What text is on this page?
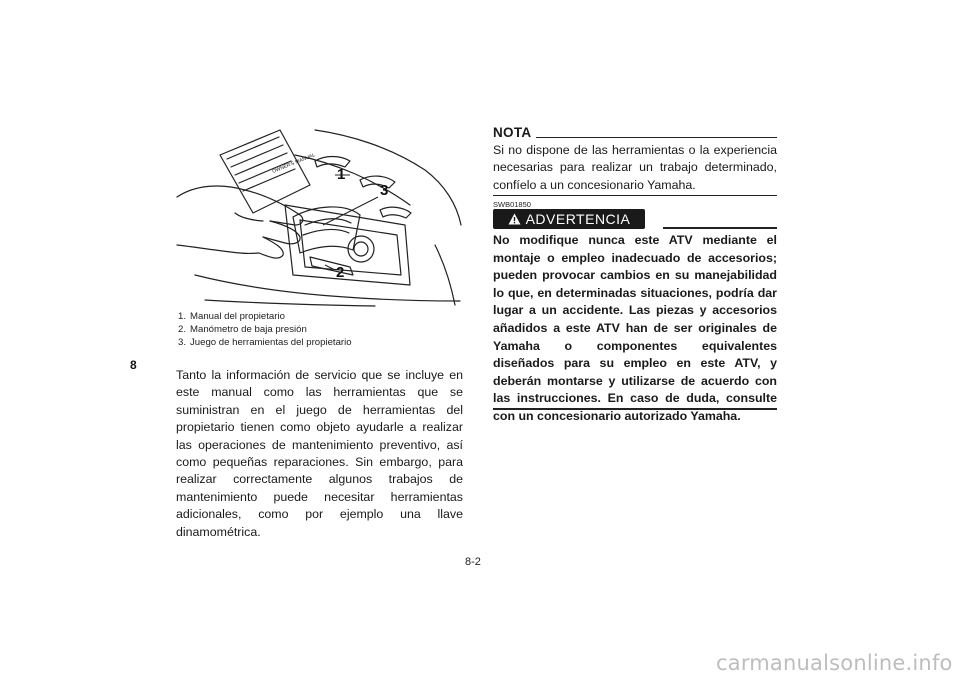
8
OWNER'S MANUAL 1
3
2
1. Manual del propietario
2. Manómetro de baja presión
3. Juego de herramientas del propietario
Tanto la información de servicio que se incluye en este manual como las herramientas que se suministran en el juego de herramientas del propietario tienen como objeto ayudarle a realizar las operaciones de mantenimiento preventivo, así como pequeñas reparaciones. Sin embargo, para realizar correctamente algunos trabajos de mantenimiento puede necesitar herramientas adicionales, como por ejemplo una llave dinamométrica.
NOTA
Si no dispone de las herramientas o la experiencia necesarias para realizar un trabajo determinado, confíelo a un concesionario Yamaha.
SWB01850
ADVERTENCIA
No modifique nunca este ATV mediante el montaje o empleo inadecuado de accesorios; pueden provocar cambios en su manejabilidad lo que, en determinadas situaciones, podría dar lugar a un accidente. Las piezas y accesorios añadidos a este ATV han de ser originales de Yamaha o componentes equivalentes diseñados para su empleo en este ATV, y deberán montarse y utilizarse de acuerdo con las instrucciones. En caso de duda, consulte con un concesionario autorizado Yamaha.
8-2
carmanualsonline.info
